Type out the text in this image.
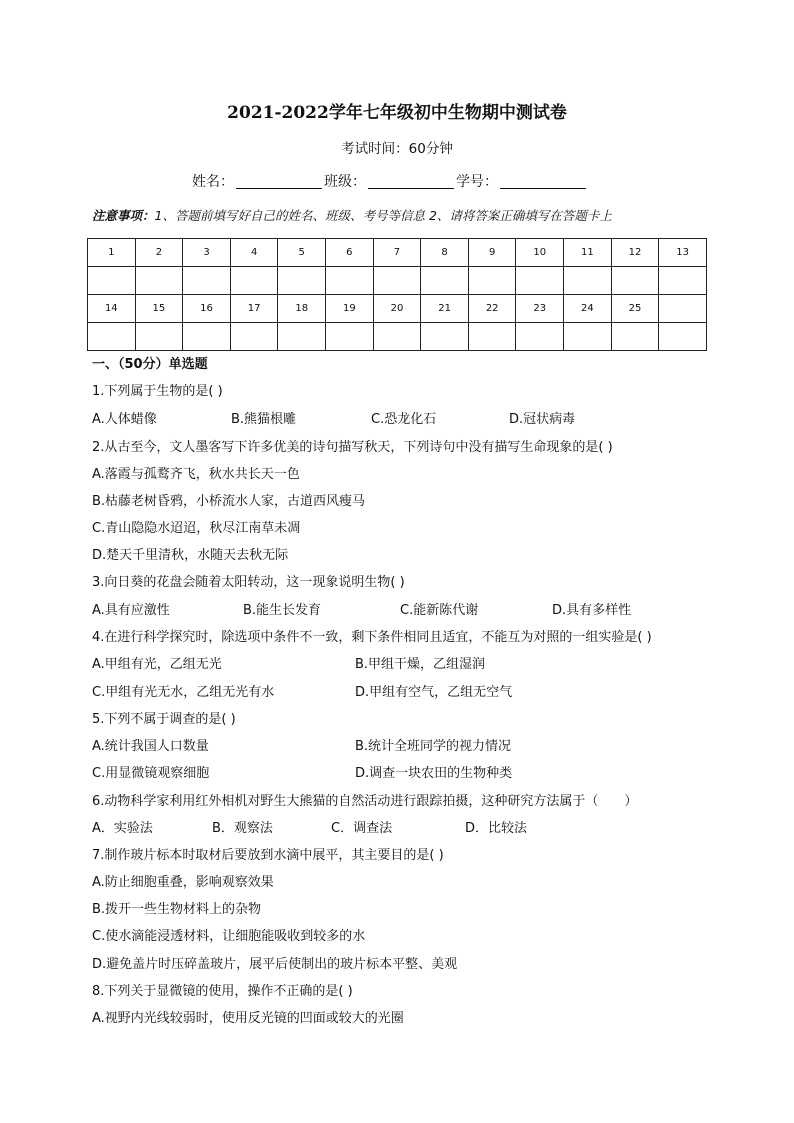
2021-2022学年七年级初中生物期中测试卷
考试时间：60分钟
姓名：	班级：	学号：
注意事项：1、答题前填写好自己的姓名、班级、考号等信息 2、请将答案正确填写在答题卡上
1	2	3	4	5	6	7	8	9	10	11	12	13

14	15	16	17	18	19	20	21	22	23	24	25	

一、（50分）单选题
1.下列属于生物的是( )
A.人体蜡像	B.熊猫根雕	C.恐龙化石	D.冠状病毒
2.从古至今，文人墨客写下许多优美的诗句描写秋天，下列诗句中没有描写生命现象的是( )
A.落霞与孤鹜齐飞，秋水共长天一色
B.枯藤老树昏鸦，小桥流水人家，古道西风瘦马
C.青山隐隐水迢迢，秋尽江南草未凋
D.楚天千里清秋，水随天去秋无际
3.向日葵的花盘会随着太阳转动，这一现象说明生物( )
A.具有应激性	B.能生长发育	C.能新陈代谢	D.具有多样性
4.在进行科学探究时，除选项中条件不一致，剩下条件相同且适宜，不能互为对照的一组实验是( )
A.甲组有光，乙组无光	B.甲组干燥，乙组湿润
C.甲组有光无水，乙组无光有水	D.甲组有空气，乙组无空气
5.下列不属于调查的是( )
A.统计我国人口数量	B.统计全班同学的视力情况
C.用显微镜观察细胞	D.调查一块农田的生物种类
6.动物科学家利用红外相机对野生大熊猫的自然活动进行跟踪拍摄，这种研究方法属于（　　）
A．实验法	B．观察法	C．调查法	D．比较法
7.制作玻片标本时取材后要放到水滴中展平，其主要目的是( )
A.防止细胞重叠，影响观察效果
B.拨开一些生物材料上的杂物
C.使水滴能浸透材料，让细胞能吸收到较多的水
D.避免盖片时压碎盖玻片，展平后使制出的玻片标本平整、美观
8.下列关于显微镜的使用，操作不正确的是( )
A.视野内光线较弱时，使用反光镜的凹面或较大的光圈
